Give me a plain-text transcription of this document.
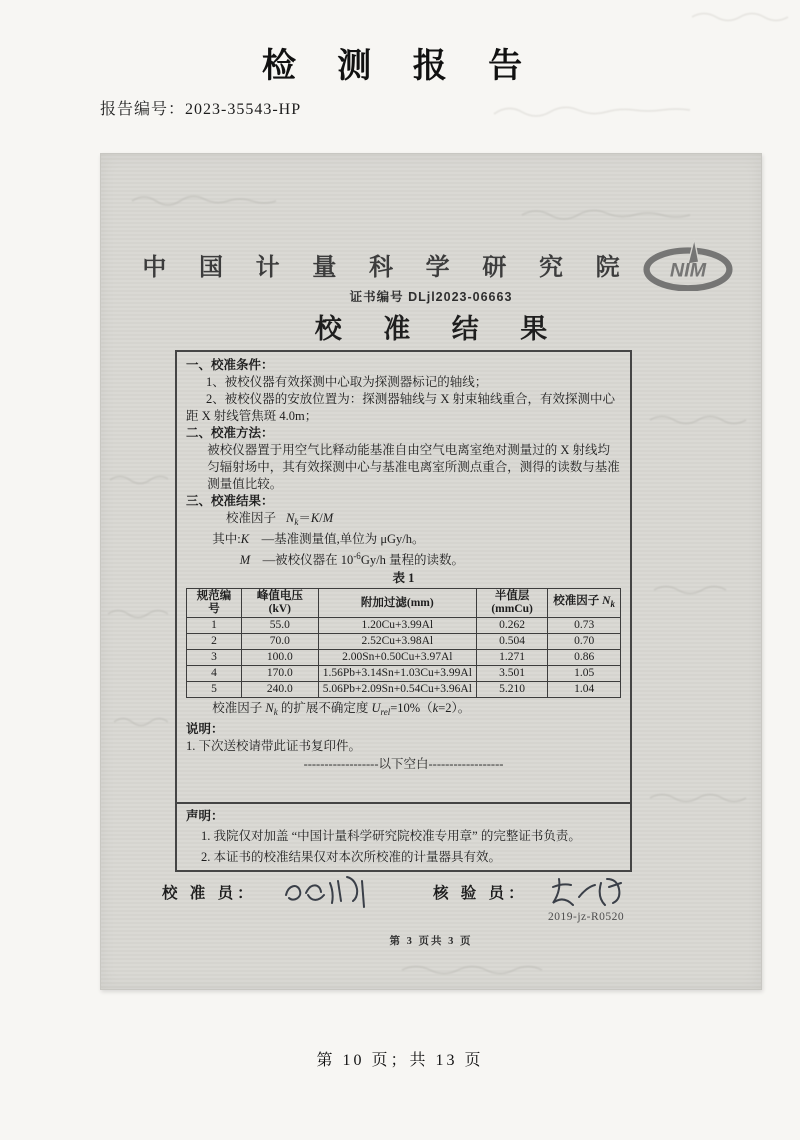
检 测 报 告
报告编号：2023-35543-HP
中 国 计 量 科 学 研 究 院 NIM
证书编号 DLjl2023-06663
校 准 结 果
一、校准条件：
1、被校仪器有效探测中心取为探测器标记的轴线；
2、被校仪器的安放位置为：探测器轴线与 X 射束轴线重合，有效探测中心距 X 射线管焦斑 4.0m；
二、校准方法：
被校仪器置于用空气比释动能基准自由空气电离室绝对测量过的 X 射线均匀辐射场中，其有效探测中心与基准电离室所测点重合，测得的读数与基准测量值比较。
三、校准结果：
校准因子 $N_k=K/M$
其中:K　—基准测量值,单位为 μGy/h。
M　—被校仪器在 $10^{-6}Gy/h$ 量程的读数。
表 1
规范编号	峰值电压(kV)	附加过滤(mm)	半值层(mmCu)	校准因子 $N_k$
1	55.0	1.20Cu+3.99Al	0.262	0.73
2	70.0	2.52Cu+3.98Al	0.504	0.70
3	100.0	2.00Sn+0.50Cu+3.97Al	1.271	0.86
4	170.0	1.56Pb+3.14Sn+1.03Cu+3.99Al	3.501	1.05
5	240.0	5.06Pb+2.09Sn+0.54Cu+3.96Al	5.210	1.04
校准因子 $N_k$ 的扩展不确定度 $U_{rel}=10\%(k=2)$。
说明：
1. 下次送校请带此证书复印件。
------------------以下空白------------------
声明：
1. 我院仅对加盖 “中国计量科学研究院校准专用章” 的完整证书负责。
2. 本证书的校准结果仅对本次所校准的计量器具有效。
校 准 员：	核 验 员：
2019-jz-R0520
第 3 页共 3 页
第 10 页；共 13 页
